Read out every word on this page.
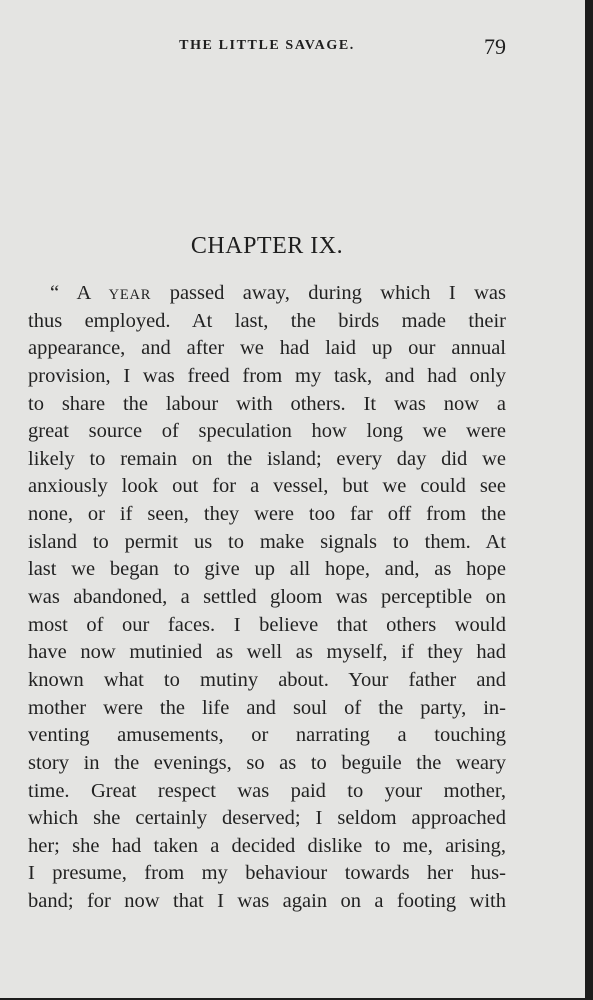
THE LITTLE SAVAGE.	79
CHAPTER IX.
“ A YEAR passed away, during which I was
thus employed. At last, the birds made their
appearance, and after we had laid up our annual
provision, I was freed from my task, and had only
to share the labour with others. It was now a
great source of speculation how long we were
likely to remain on the island; every day did we
anxiously look out for a vessel, but we could see
none, or if seen, they were too far off from the
island to permit us to make signals to them. At
last we began to give up all hope, and, as hope
was abandoned, a settled gloom was perceptible on
most of our faces. I believe that others would
have now mutinied as well as myself, if they had
known what to mutiny about. Your father and
mother were the life and soul of the party, in-
venting amusements, or narrating a touching
story in the evenings, so as to beguile the weary
time. Great respect was paid to your mother,
which she certainly deserved; I seldom approached
her; she had taken a decided dislike to me, arising,
I presume, from my behaviour towards her hus-
band; for now that I was again on a footing with
